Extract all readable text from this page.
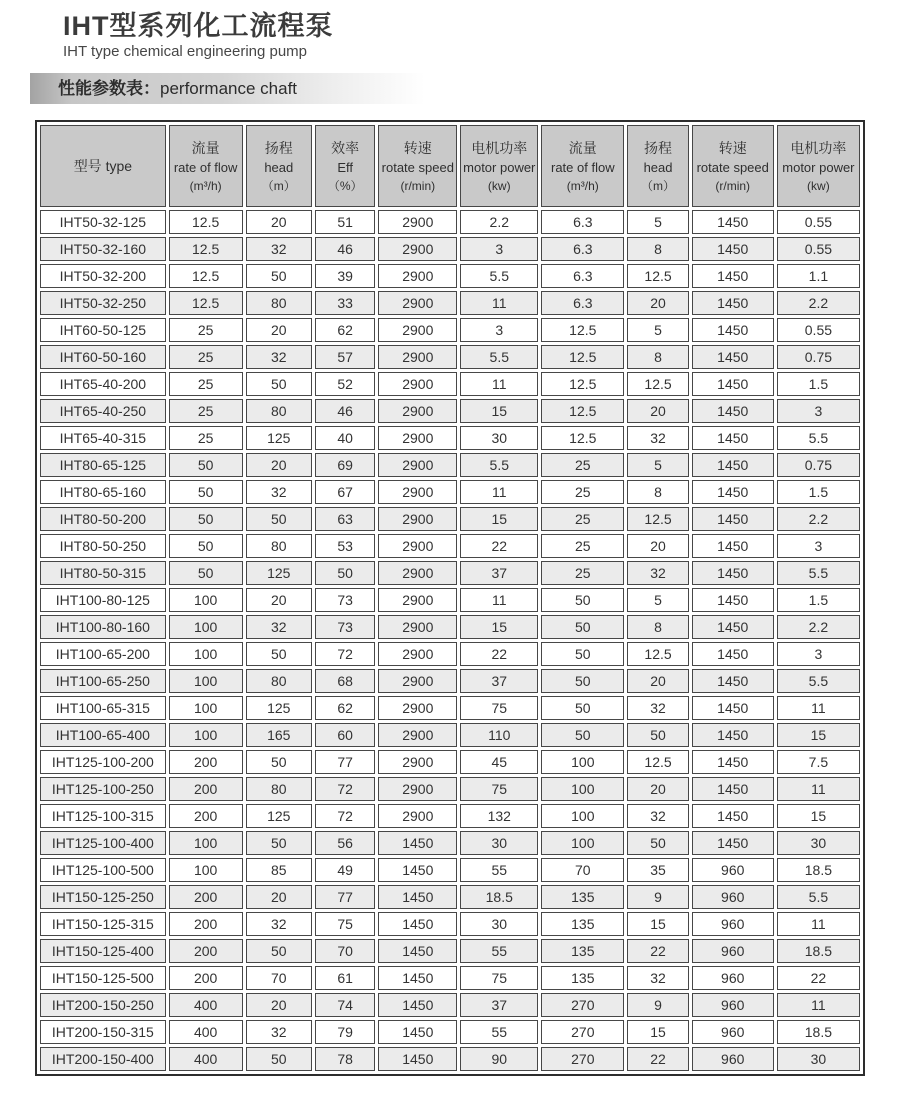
IHT型系列化工流程泵
IHT type chemical engineering pump
性能参数表：performance chaft
型号 type

流量
rate of flow
(m³/h)

扬程
head
（m）

效率
Eff
（%）

转速
rotate speed
(r/min)

电机功率
motor power
(kw)

流量
rate of flow
(m³/h)

扬程
head
（m）

转速
rotate speed
(r/min)

电机功率
motor power
(kw)

IHT50-32-125	12.5	20	51	2900	2.2	6.3	5	1450	0.55
IHT50-32-160	12.5	32	46	2900	3	6.3	8	1450	0.55
IHT50-32-200	12.5	50	39	2900	5.5	6.3	12.5	1450	1.1
IHT50-32-250	12.5	80	33	2900	11	6.3	20	1450	2.2
IHT60-50-125	25	20	62	2900	3	12.5	5	1450	0.55
IHT60-50-160	25	32	57	2900	5.5	12.5	8	1450	0.75
IHT65-40-200	25	50	52	2900	11	12.5	12.5	1450	1.5
IHT65-40-250	25	80	46	2900	15	12.5	20	1450	3
IHT65-40-315	25	125	40	2900	30	12.5	32	1450	5.5
IHT80-65-125	50	20	69	2900	5.5	25	5	1450	0.75
IHT80-65-160	50	32	67	2900	11	25	8	1450	1.5
IHT80-50-200	50	50	63	2900	15	25	12.5	1450	2.2
IHT80-50-250	50	80	53	2900	22	25	20	1450	3
IHT80-50-315	50	125	50	2900	37	25	32	1450	5.5
IHT100-80-125	100	20	73	2900	11	50	5	1450	1.5
IHT100-80-160	100	32	73	2900	15	50	8	1450	2.2
IHT100-65-200	100	50	72	2900	22	50	12.5	1450	3
IHT100-65-250	100	80	68	2900	37	50	20	1450	5.5
IHT100-65-315	100	125	62	2900	75	50	32	1450	11
IHT100-65-400	100	165	60	2900	110	50	50	1450	15
IHT125-100-200	200	50	77	2900	45	100	12.5	1450	7.5
IHT125-100-250	200	80	72	2900	75	100	20	1450	11
IHT125-100-315	200	125	72	2900	132	100	32	1450	15
IHT125-100-400	100	50	56	1450	30	100	50	1450	30
IHT125-100-500	100	85	49	1450	55	70	35	960	18.5
IHT150-125-250	200	20	77	1450	18.5	135	9	960	5.5
IHT150-125-315	200	32	75	1450	30	135	15	960	11
IHT150-125-400	200	50	70	1450	55	135	22	960	18.5
IHT150-125-500	200	70	61	1450	75	135	32	960	22
IHT200-150-250	400	20	74	1450	37	270	9	960	11
IHT200-150-315	400	32	79	1450	55	270	15	960	18.5
IHT200-150-400	400	50	78	1450	90	270	22	960	30
